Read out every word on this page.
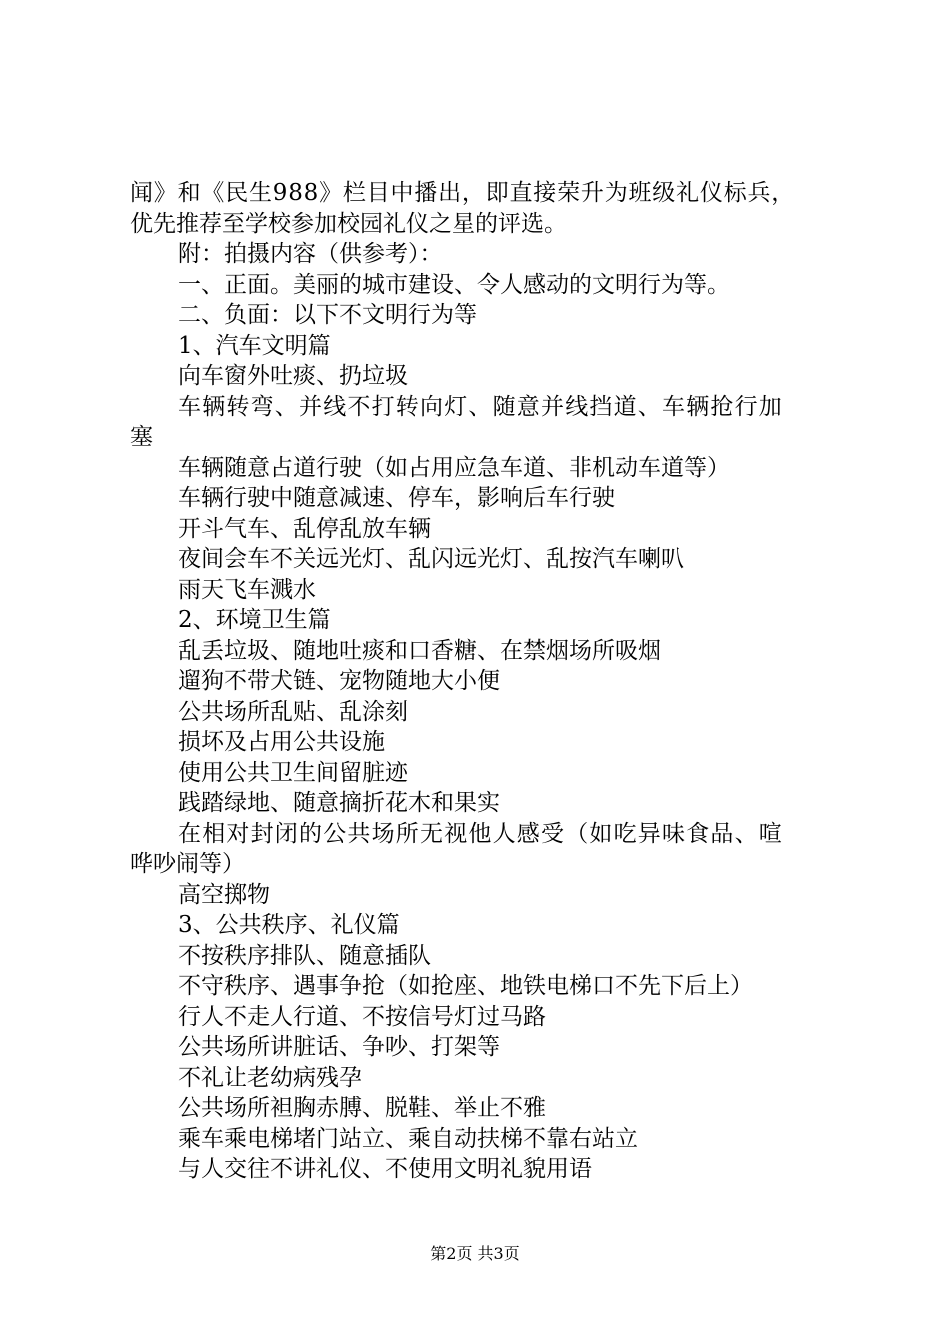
闻》和《民生988》栏目中播出，即直接荣升为班级礼仪标兵，
优先推荐至学校参加校园礼仪之星的评选。
附：拍摄内容（供参考）：
一、正面。美丽的城市建设、令人感动的文明行为等。
二、负面：以下不文明行为等
1、汽车文明篇
向车窗外吐痰、扔垃圾
车辆转弯、并线不打转向灯、随意并线挡道、车辆抢行加
塞
车辆随意占道行驶（如占用应急车道、非机动车道等）
车辆行驶中随意减速、停车，影响后车行驶
开斗气车、乱停乱放车辆
夜间会车不关远光灯、乱闪远光灯、乱按汽车喇叭
雨天飞车溅水
2、环境卫生篇
乱丢垃圾、随地吐痰和口香糖、在禁烟场所吸烟
遛狗不带犬链、宠物随地大小便
公共场所乱贴、乱涂刻
损坏及占用公共设施
使用公共卫生间留脏迹
践踏绿地、随意摘折花木和果实
在相对封闭的公共场所无视他人感受（如吃异味食品、喧
哗吵闹等）
高空掷物
3、公共秩序、礼仪篇
不按秩序排队、随意插队
不守秩序、遇事争抢（如抢座、地铁电梯口不先下后上）
行人不走人行道、不按信号灯过马路
公共场所讲脏话、争吵、打架等
不礼让老幼病残孕
公共场所袒胸赤膊、脱鞋、举止不雅
乘车乘电梯堵门站立、乘自动扶梯不靠右站立
与人交往不讲礼仪、不使用文明礼貌用语
第2页 共3页
